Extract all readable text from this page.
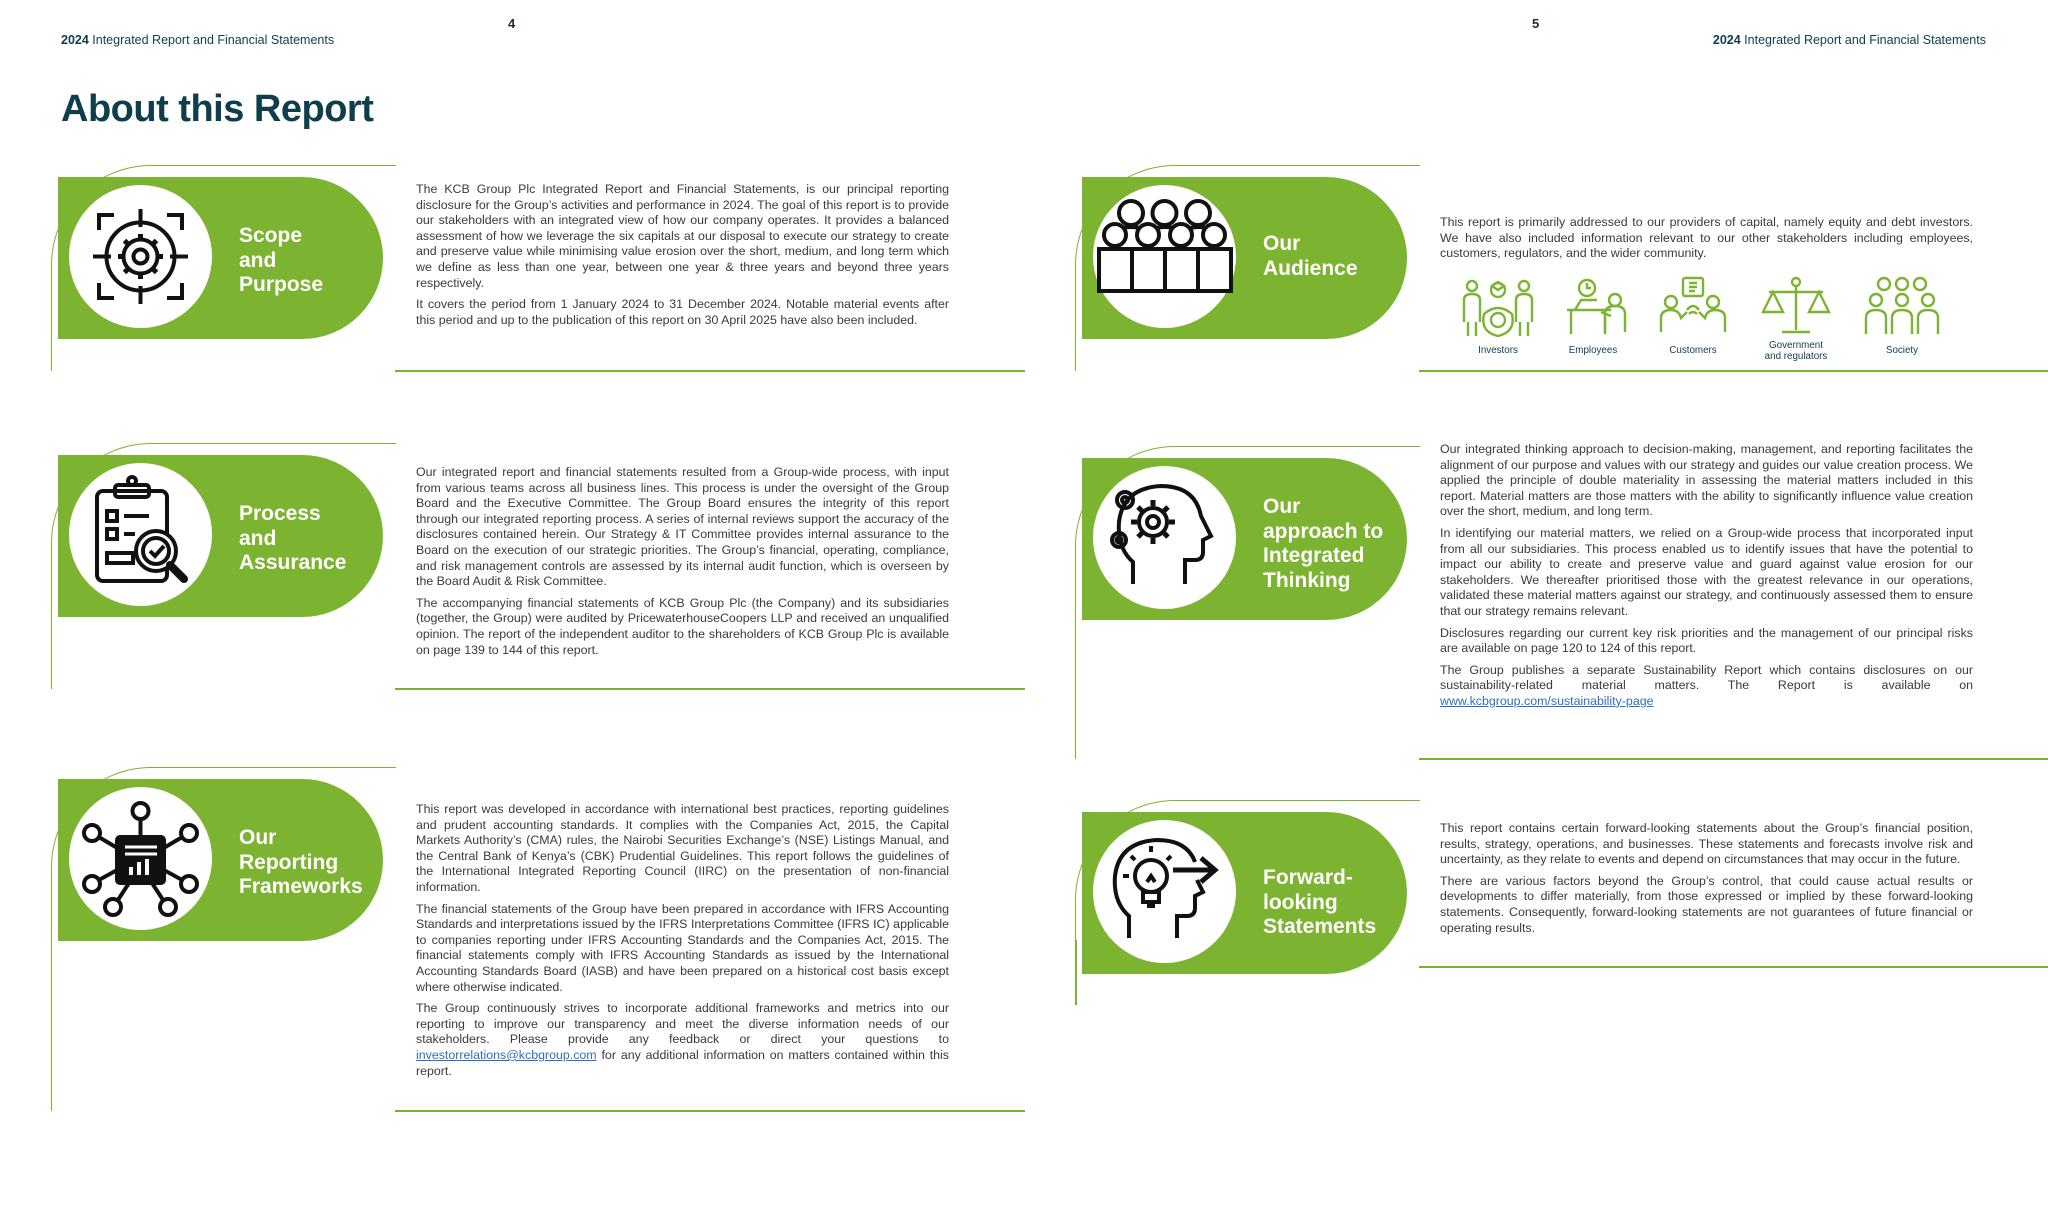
4	5
2024 Integrated Report and Financial Statements	2024 Integrated Report and Financial Statements
About this Report
Scope
and
Purpose

The KCB Group Plc Integrated Report and Financial Statements, is our principal reporting disclosure for the Group’s activities and performance in 2024. The goal of this report is to provide our stakeholders with an integrated view of how our company operates. It provides a balanced assessment of how we leverage the six capitals at our disposal to execute our strategy to create and preserve value while minimising value erosion over the short, medium, and long term which we define as less than one year, between one year & three years and beyond three years respectively.

It covers the period from 1 January 2024 to 31 December 2024. Notable material events after this period and up to the publication of this report on 30 April 2025 have also been included.

Process
and
Assurance

Our integrated report and financial statements resulted from a Group-wide process, with input from various teams across all business lines. This process is under the oversight of the Group Board and the Executive Committee. The Group Board ensures the integrity of this report through our integrated reporting process. A series of internal reviews support the accuracy of the disclosures contained herein. Our Strategy & IT Committee provides internal assurance to the Board on the execution of our strategic priorities. The Group’s financial, operating, compliance, and risk management controls are assessed by its internal audit function, which is overseen by the Board Audit & Risk Committee.

The accompanying financial statements of KCB Group Plc (the Company) and its subsidiaries (together, the Group) were audited by PricewaterhouseCoopers LLP and received an unqualified opinion. The report of the independent auditor to the shareholders of KCB Group Plc is available on page 139 to 144 of this report.

Our
Reporting
Frameworks

This report was developed in accordance with international best practices, reporting guidelines and prudent accounting standards. It complies with the Companies Act, 2015, the Capital Markets Authority’s (CMA) rules, the Nairobi Securities Exchange’s (NSE) Listings Manual, and the Central Bank of Kenya’s (CBK) Prudential Guidelines. This report follows the guidelines of the International Integrated Reporting Council (IIRC) on the presentation of non-financial information.

The financial statements of the Group have been prepared in accordance with IFRS Accounting Standards and interpretations issued by the IFRS Interpretations Committee (IFRS IC) applicable to companies reporting under IFRS Accounting Standards and the Companies Act, 2015. The financial statements comply with IFRS Accounting Standards as issued by the International Accounting Standards Board (IASB) and have been prepared on a historical cost basis except where otherwise indicated.

The Group continuously strives to incorporate additional frameworks and metrics into our reporting to improve our transparency and meet the diverse information needs of our stakeholders. Please provide any feedback or direct your questions to investorrelations@kcbgroup.com for any additional information on matters contained within this report.

Our
Audience

This report is primarily addressed to our providers of capital, namely equity and debt investors. We have also included information relevant to our other stakeholders including employees, customers, regulators, and the wider community.

Investors	Employees	Customers	Government
and regulators
Society
Our
approach to
Integrated
Thinking

Our integrated thinking approach to decision-making, management, and reporting facilitates the alignment of our purpose and values with our strategy and guides our value creation process. We applied the principle of double materiality in assessing the material matters included in this report. Material matters are those matters with the ability to significantly influence value creation over the short, medium, and long term.

In identifying our material matters, we relied on a Group-wide process that incorporated input from all our subsidiaries. This process enabled us to identify issues that have the potential to impact our ability to create and preserve value and guard against value erosion for our stakeholders. We thereafter prioritised those with the greatest relevance in our operations, validated these material matters against our strategy, and continuously assessed them to ensure that our strategy remains relevant.

Disclosures regarding our current key risk priorities and the management of our principal risks are available on page 120 to 124 of this report.

The Group publishes a separate Sustainability Report which contains disclosures on our sustainability-related material matters. The Report is available on www.kcbgroup.com/sustainability-page

Forward-
looking
Statements

This report contains certain forward-looking statements about the Group’s financial position, results, strategy, operations, and businesses. These statements and forecasts involve risk and uncertainty, as they relate to events and depend on circumstances that may occur in the future.

There are various factors beyond the Group’s control, that could cause actual results or developments to differ materially, from those expressed or implied by these forward-looking statements. Consequently, forward-looking statements are not guarantees of future financial or operating results.
